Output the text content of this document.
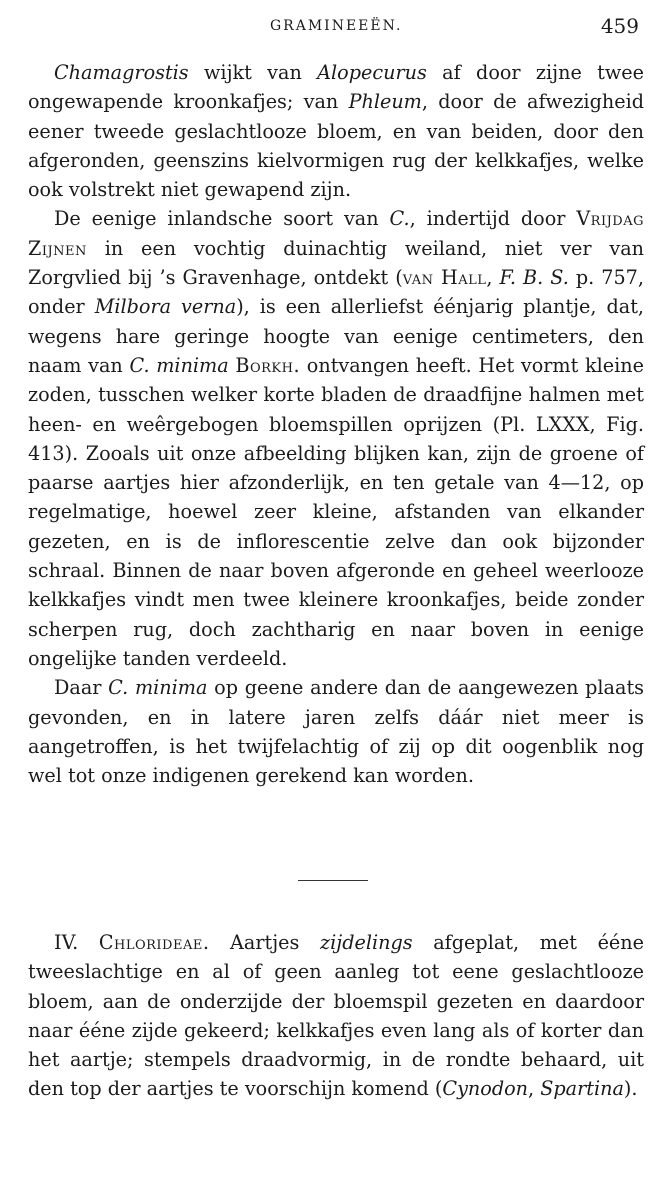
GRAMINEEËN.	459

Chamagrostis wijkt van Alopecurus af door zijne twee ongewapende kroonkafjes; van Phleum, door de afwezigheid eener tweede geslachtlooze bloem, en van beiden, door den afgeronden, geenszins kielvormigen rug der kelkkafjes, welke ook volstrekt niet gewapend zijn.

De eenige inlandsche soort van C., indertijd door Vrijdag Zijnen in een vochtig duinachtig weiland, niet ver van Zorgvlied bij ’s Gravenhage, ontdekt (van Hall, F. B. S. p. 757, onder Milbora verna), is een allerliefst éénjarig plantje, dat, wegens hare geringe hoogte van eenige centimeters, den naam van C. minima Borkh. ontvangen heeft. Het vormt kleine zoden, tusschen welker korte bladen de draadfijne halmen met heen- en weêrgebogen bloemspillen oprijzen (Pl. LXXX, Fig. 413). Zooals uit onze afbeelding blijken kan, zijn de groene of paarse aartjes hier afzonderlijk, en ten getale van 4—12, op regelmatige, hoewel zeer kleine, afstanden van elkander gezeten, en is de inflorescentie zelve dan ook bijzonder schraal. Binnen de naar boven afgeronde en geheel weerlooze kelkkafjes vindt men twee kleinere kroonkafjes, beide zonder scherpen rug, doch zachtharig en naar boven in eenige ongelijke tanden verdeeld.

Daar C. minima op geene andere dan de aangewezen plaats gevonden, en in latere jaren zelfs dáár niet meer is aangetroffen, is het twijfelachtig of zij op dit oogenblik nog wel tot onze indigenen gerekend kan worden.

IV. Chlorideae. Aartjes zijdelings afgeplat, met ééne tweeslachtige en al of geen aanleg tot eene geslachtlooze bloem, aan de onderzijde der bloemspil gezeten en daardoor naar ééne zijde gekeerd; kelkkafjes even lang als of korter dan het aartje; stempels draadvormig, in de rondte behaard, uit den top der aartjes te voorschijn komend (Cynodon, Spartina).
